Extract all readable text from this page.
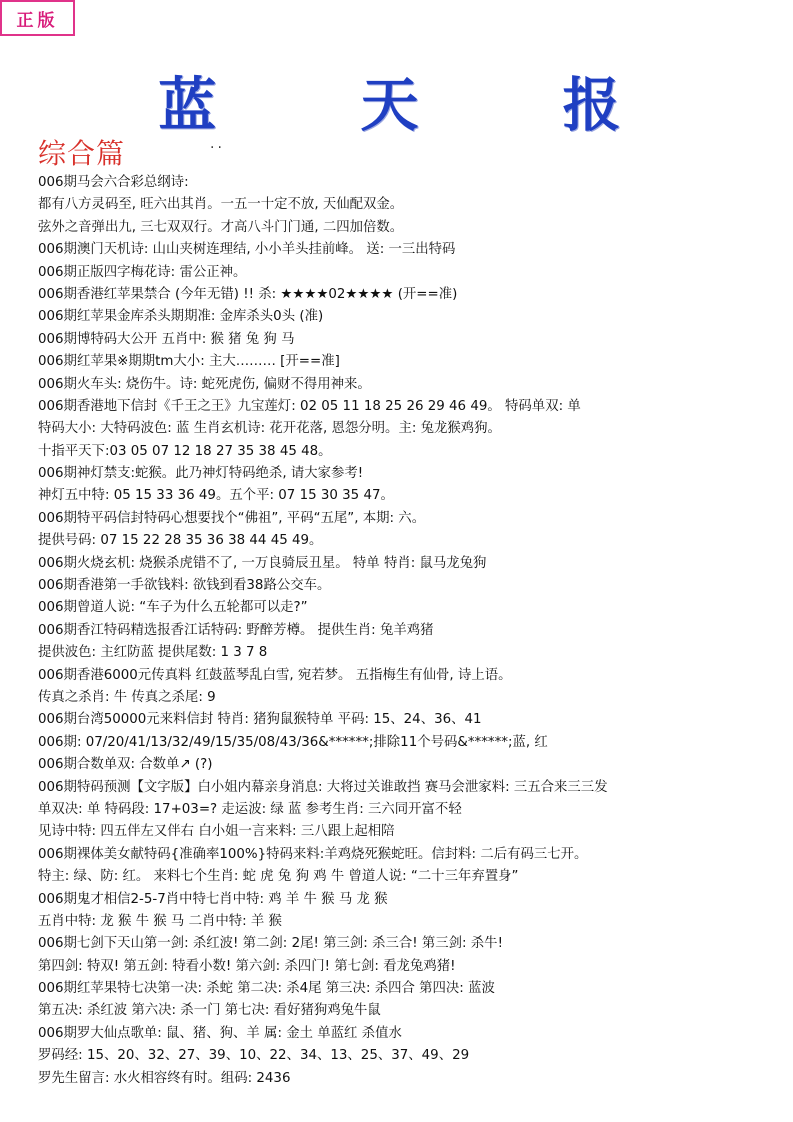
正版
蓝 天 报
综合篇	..
006期马会六合彩总纲诗:
都有八方灵码至, 旺六出其肖。一五一十定不放, 天仙配双金。
弦外之音弹出九, 三七双双行。才高八斗门门通, 二四加倍数。
006期澳门天机诗: 山山夹树连理结, 小小羊头挂前峰。 送: 一三出特码
006期正版四字梅花诗: 雷公正神。
006期香港红苹果禁合 (今年无错) !! 杀: ★★★★02★★★★ (开==准)
006期红苹果金库杀头期期准: 金库杀头0头 (准)
006期博特码大公开 五肖中: 猴 猪 兔 狗 马
006期红苹果※期期tm大小: 主大……… [开==准]
006期火车头: 烧伤牛。诗: 蛇死虎伤, 偏财不得用神来。
006期香港地下信封《千王之王》九宝莲灯: 02 05 11 18 25 26 29 46 49。 特码单双: 单
特码大小: 大特码波色: 蓝 生肖玄机诗: 花开花落, 恩怨分明。主: 兔龙猴鸡狗。
十指平天下:03 05 07 12 18 27 35 38 45 48。
006期神灯禁支:蛇猴。此乃神灯特码绝杀, 请大家参考!
神灯五中特: 05 15 33 36 49。五个平: 07 15 30 35 47。
006期特平码信封特码心想要找个“佛祖”, 平码“五尾”, 本期: 六。
提供号码: 07 15 22 28 35 36 38 44 45 49。
006期火烧玄机: 烧猴杀虎错不了, 一万良骑辰丑星。 特单 特肖: 鼠马龙兔狗
006期香港第一手欲钱料: 欲钱到看38路公交车。
006期曾道人说: “车子为什么五轮都可以走?”
006期香江特码精选报香江话特码: 野醉芳樽。 提供生肖: 兔羊鸡猪
提供波色: 主红防蓝 提供尾数: 1 3 7 8
006期香港6000元传真料 红鼓蓝琴乱白雪, 宛若梦。 五指梅生有仙骨, 诗上语。
传真之杀肖: 牛 传真之杀尾: 9
006期台湾50000元来料信封 特肖: 猪狗鼠猴特单 平码: 15、24、36、41
006期: 07/20/41/13/32/49/15/35/08/43/36&******;排除11个号码&******;蓝, 红
006期合数单双: 合数单↗ (?)
006期特码预测【文字版】白小姐内幕亲身消息: 大将过关谁敢挡 赛马会泄家料: 三五合来三三发
单双决: 单 特码段: 17+03=? 走运波: 绿 蓝 参考生肖: 三六同开富不轻
见诗中特: 四五伴左又伴右 白小姐一言来料: 三八跟上起相陪
006期裸体美女献特码{准确率100%}特码来料:羊鸡烧死猴蛇旺。信封料: 二后有码三七开。
特主: 绿、防: 红。 来料七个生肖: 蛇 虎 兔 狗 鸡 牛 曾道人说: “二十三年弃置身”
006期鬼才相信2-5-7肖中特七肖中特: 鸡 羊 牛 猴 马 龙 猴
五肖中特: 龙 猴 牛 猴 马 二肖中特: 羊 猴
006期七剑下天山第一剑: 杀红波! 第二剑: 2尾! 第三剑: 杀三合! 第三剑: 杀牛!
第四剑: 特双! 第五剑: 特看小数! 第六剑: 杀四门! 第七剑: 看龙兔鸡猪!
006期红苹果特七决第一决: 杀蛇 第二决: 杀4尾 第三决: 杀四合 第四决: 蓝波
第五决: 杀红波 第六决: 杀一门 第七决: 看好猪狗鸡兔牛鼠
006期罗大仙点歌单: 鼠、猪、狗、羊 属: 金土 单蓝红 杀值水
罗码经: 15、20、32、27、39、10、22、34、13、25、37、49、29
罗先生留言: 水火相容终有时。组码: 2436
